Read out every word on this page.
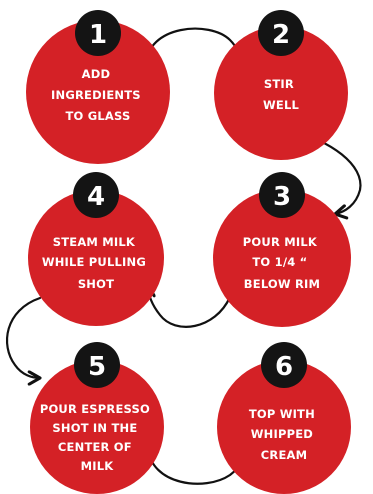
1
ADD INGREDIENTS TO GLASS
2
STIR WELL
4
STEAM MILK WHILE PULLING SHOT
3
POUR MILK TO 1/4 “ BELOW RIM
5
POUR ESPRESSO SHOT IN THE CENTER OF MILK
6
TOP WITH WHIPPED CREAM
